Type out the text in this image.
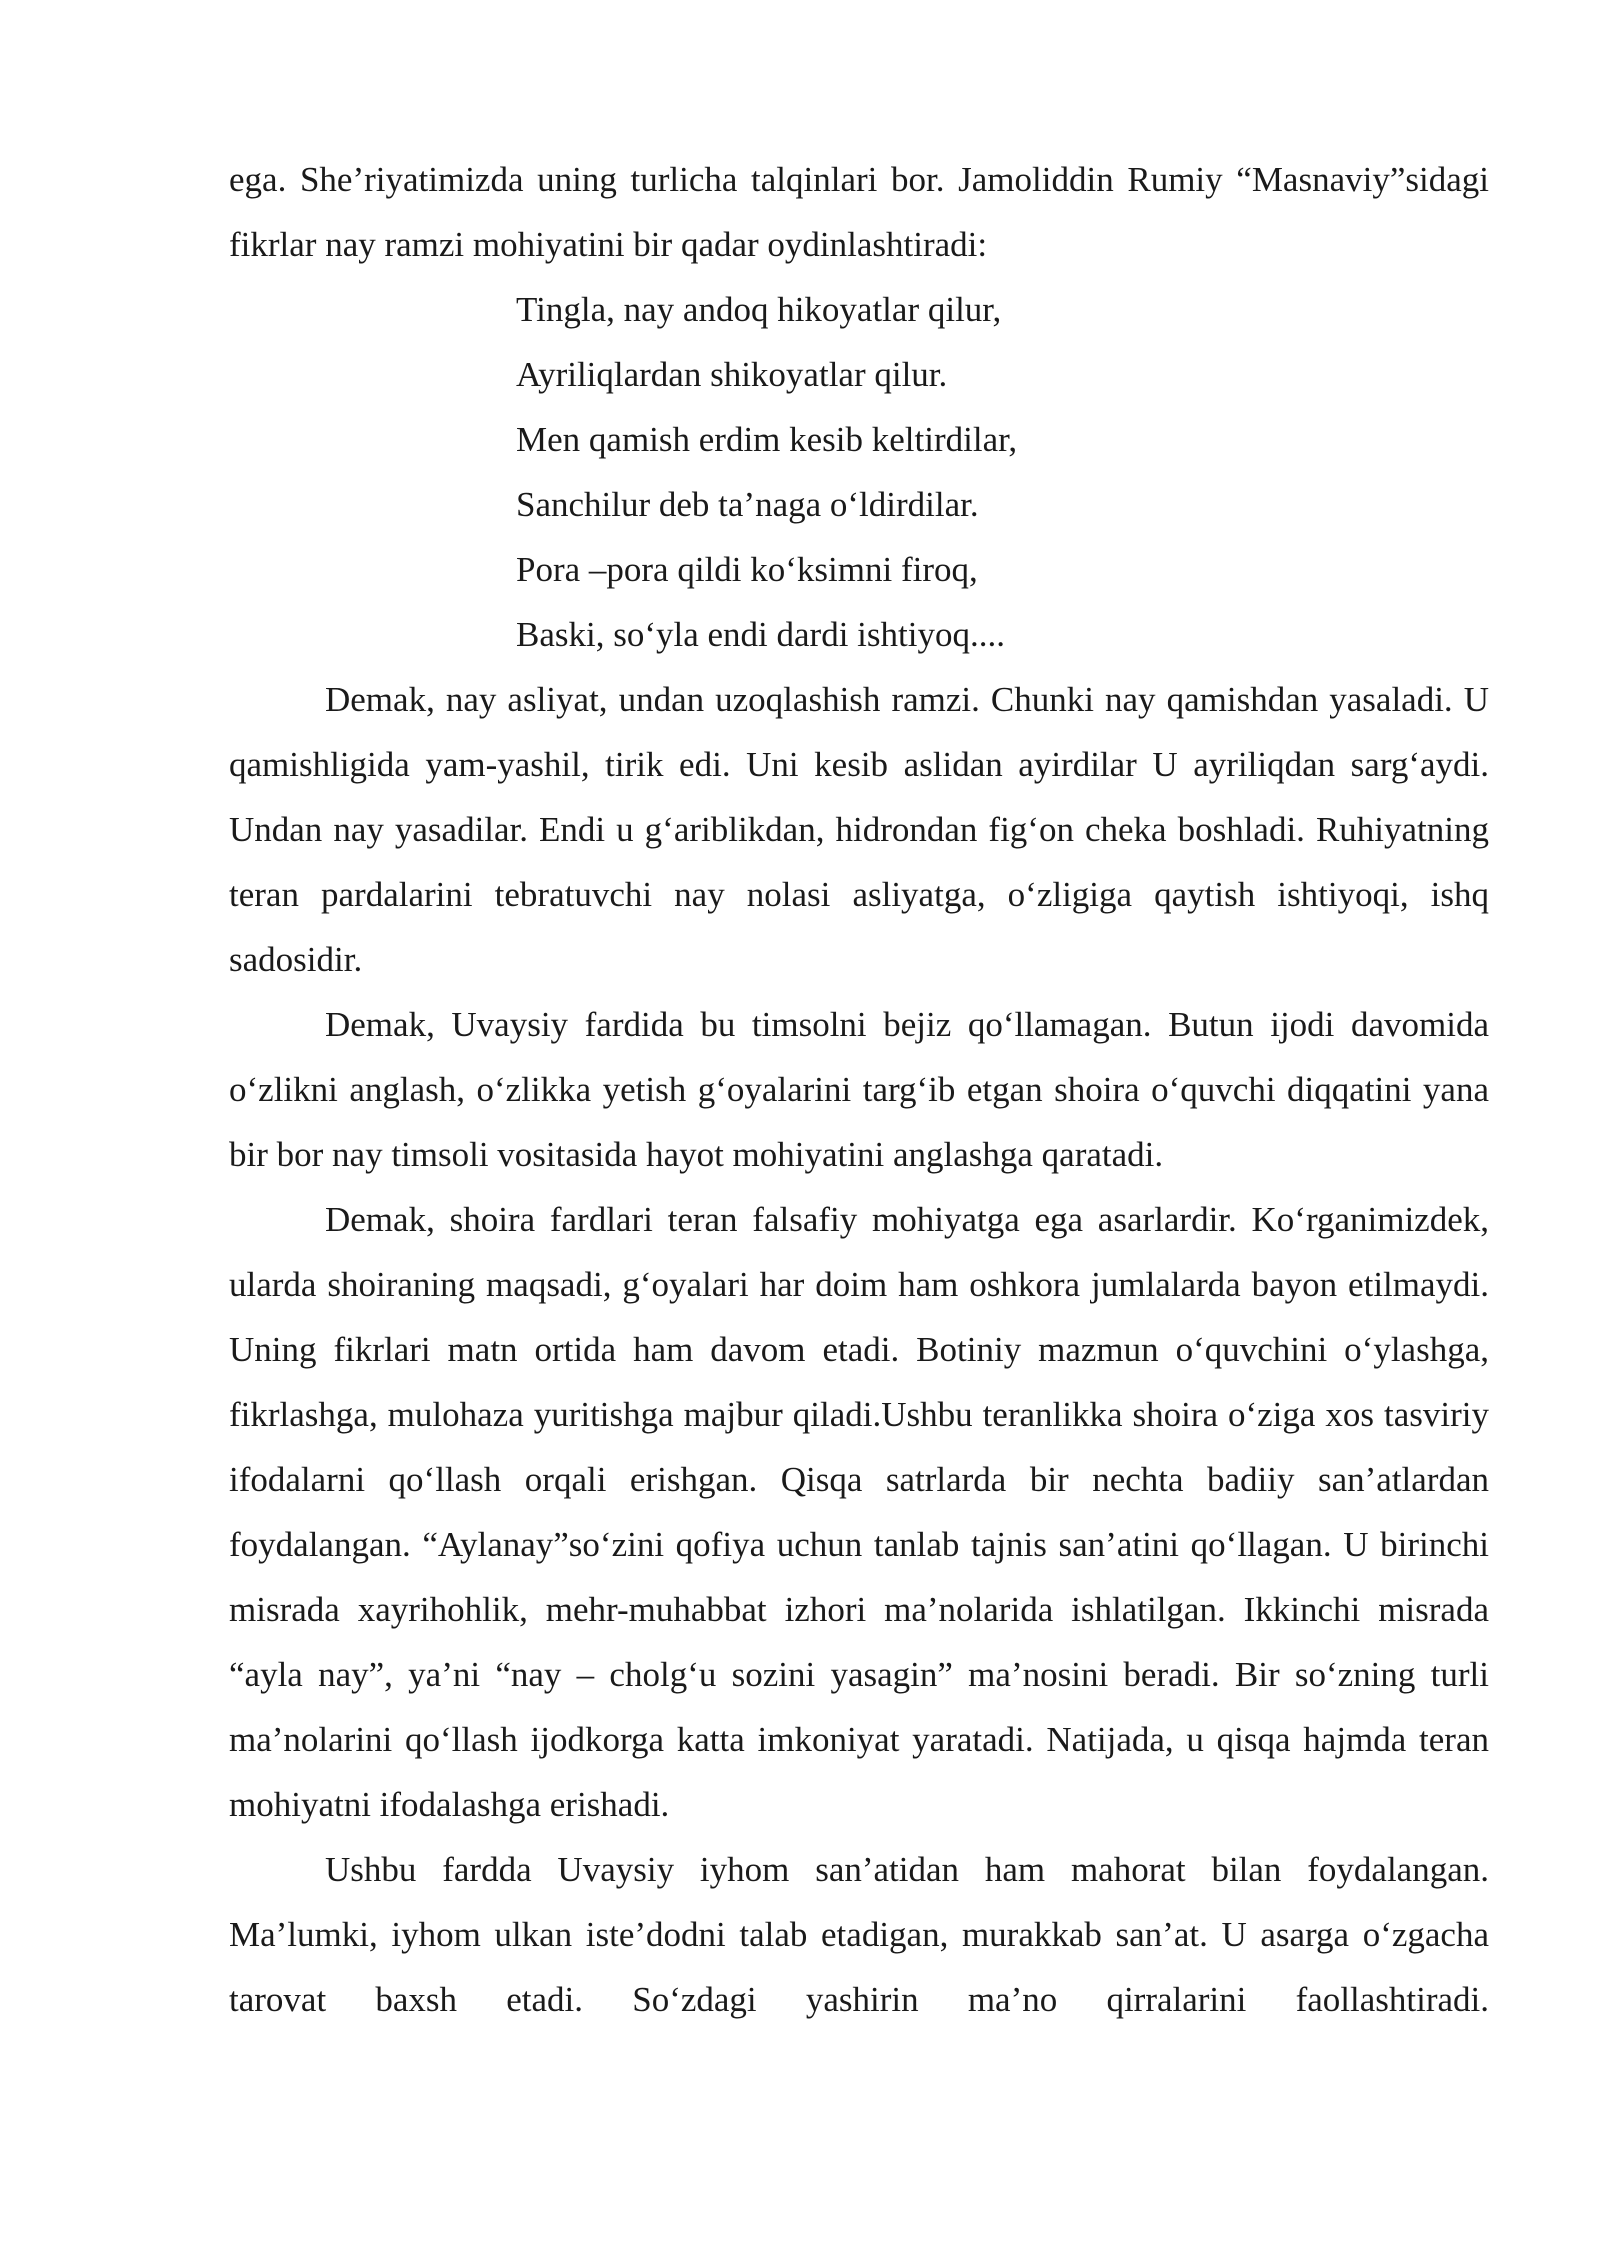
ega. She’riyatimizda uning turlicha talqinlari bor. Jamoliddin Rumiy “Masnaviy”sidagi fikrlar nay ramzi mohiyatini bir qadar oydinlashtiradi:

Tingla, nay andoq hikoyatlar qilur,
Ayriliqlardan shikoyatlar qilur.
Men qamish erdim kesib keltirdilar,
Sanchilur deb ta’naga o‘ldirdilar.
Pora –pora qildi ko‘ksimni firoq,
Baski, so‘yla endi dardi ishtiyoq....

Demak, nay asliyat, undan uzoqlashish ramzi. Chunki nay qamishdan yasaladi. U qamishligida yam-yashil, tirik edi. Uni kesib aslidan ayirdilar U ayriliqdan sarg‘aydi. Undan nay yasadilar. Endi u g‘ariblikdan, hidrondan fig‘on cheka boshladi. Ruhiyatning teran pardalarini tebratuvchi nay nolasi asliyatga, o‘zligiga qaytish ishtiyoqi, ishq sadosidir.

Demak, Uvaysiy fardida bu timsolni bejiz qo‘llamagan. Butun ijodi davomida o‘zlikni anglash, o‘zlikka yetish g‘oyalarini targ‘ib etgan shoira o‘quvchi diqqatini yana bir bor nay timsoli vositasida hayot mohiyatini anglashga qaratadi.

Demak, shoira fardlari teran falsafiy mohiyatga ega asarlardir. Ko‘rganimizdek, ularda shoiraning maqsadi, g‘oyalari har doim ham oshkora jumlalarda bayon etilmaydi. Uning fikrlari matn ortida ham davom etadi. Botiniy mazmun o‘quvchini o‘ylashga, fikrlashga, mulohaza yuritishga majbur qiladi.Ushbu teranlikka shoira o‘ziga xos tasviriy ifodalarni qo‘llash orqali erishgan. Qisqa satrlarda bir nechta badiiy san’atlardan foydalangan. “Aylanay”so‘zini qofiya uchun tanlab tajnis san’atini qo‘llagan. U birinchi misrada xayrihohlik, mehr-muhabbat izhori ma’nolarida ishlatilgan. Ikkinchi misrada “ayla nay”, ya’ni “nay – cholg‘u sozini yasagin” ma’nosini beradi. Bir so‘zning turli ma’nolarini qo‘llash ijodkorga katta imkoniyat yaratadi. Natijada, u qisqa hajmda teran mohiyatni ifodalashga erishadi.

Ushbu fardda Uvaysiy iyhom san’atidan ham mahorat bilan foydalangan. Ma’lumki, iyhom ulkan iste’dodni talab etadigan, murakkab san’at. U asarga o‘zgacha tarovat baxsh etadi. So‘zdagi yashirin ma’no qirralarini faollashtiradi.
